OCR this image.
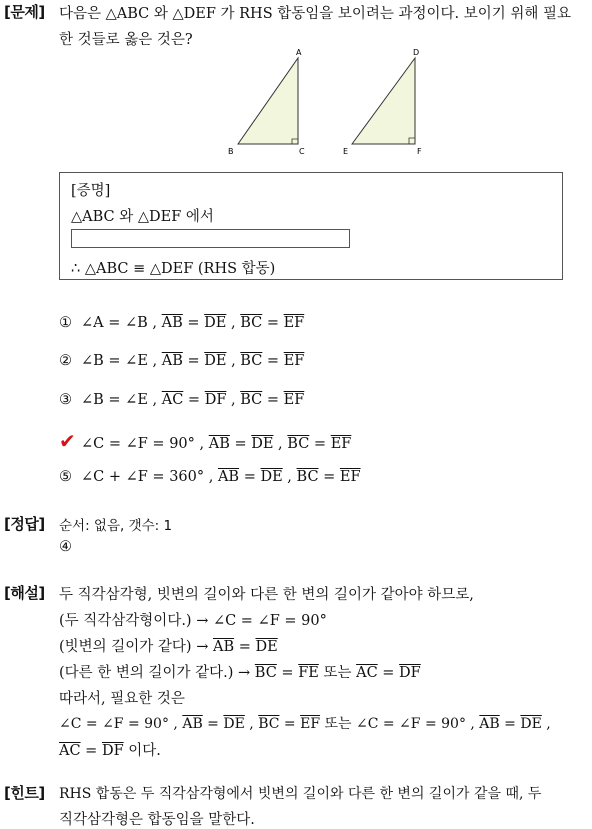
[문제] 다음은 △ABC 와 △DEF 가 RHS 합동임을 보이려는 과정이다. 보이기 위해 필요
한 것들로 옳은 것은?
A
B	C
D
E	F
[증명]
△ABC 와 △DEF 에서
∴ △ABC ≡ △DEF (RHS 합동)
① ∠A = ∠B , $\overline{AB} = \overline{DE}$ , $\overline{BC} = \overline{EF}$
② ∠B = ∠E , $\overline{AB} = \overline{DE}$ , $\overline{BC} = \overline{EF}$
③ ∠B = ∠E , $\overline{AC} = \overline{DF}$ , $\overline{BC} = \overline{EF}$
✔ ∠C = ∠F = 90° , $\overline{AB} = \overline{DE}$ , $\overline{BC} = \overline{EF}$
⑤ ∠C + ∠F = 360° , $\overline{AB} = \overline{DE}$ , $\overline{BC} = \overline{EF}$
[정답] 순서: 없음, 갯수: 1
④
[해설] 두 직각삼각형, 빗변의 길이와 다른 한 변의 길이가 같아야 하므로,
(두 직각삼각형이다.) → ∠C = ∠F = 90°
(빗변의 길이가 같다) → $\overline{AB} = \overline{DE}$
(다른 한 변의 길이가 같다.) → $\overline{BC} = \overline{FE}$ 또는 $\overline{AC} = \overline{DF}$
따라서, 필요한 것은
∠C = ∠F = 90° , $\overline{AB} = \overline{DE}$ , $\overline{BC} = \overline{EF}$ 또는 ∠C = ∠F = 90° , $\overline{AB} = \overline{DE}$ ,
$\overline{AC} = \overline{DF}$ 이다.
[힌트] RHS 합동은 두 직각삼각형에서 빗변의 길이와 다른 한 변의 길이가 같을 때, 두
직각삼각형은 합동임을 말한다.
